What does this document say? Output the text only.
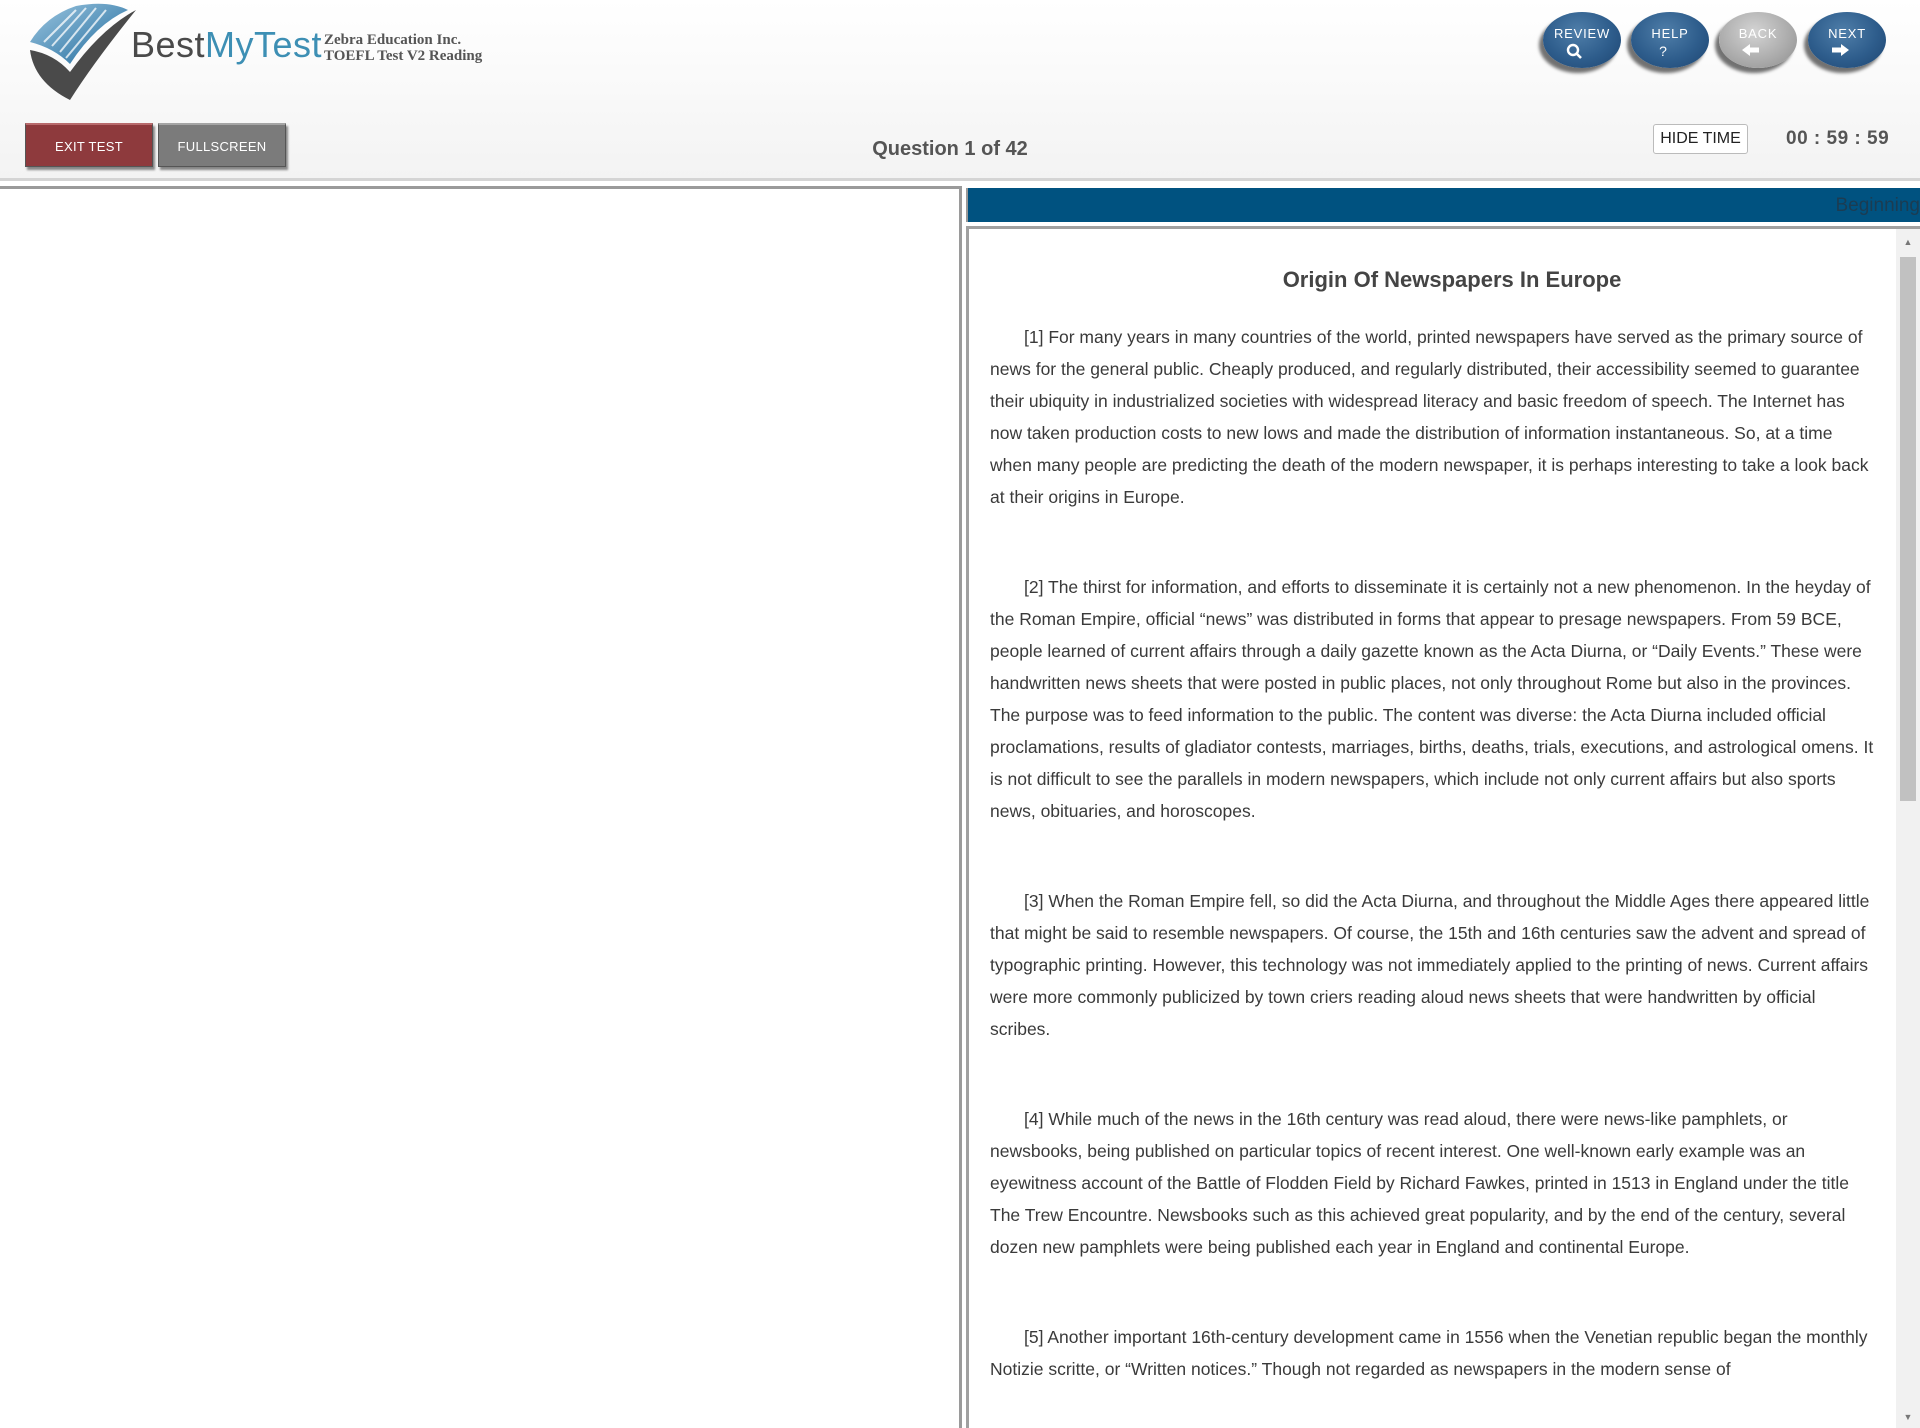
BestMyTest Zebra Education Inc.
TOEFL Test V2 Reading
REVIEW	HELP
?
BACK	NEXT
EXIT TEST	FULLSCREEN	Question 1 of 42	HIDE TIME	00 : 59 : 59
Beginning
Origin Of Newspapers In Europe

[1] For many years in many countries of the world, printed newspapers have served as the primary source of news for the general public. Cheaply produced, and regularly distributed, their accessibility seemed to guarantee their ubiquity in industrialized societies with widespread literacy and basic freedom of speech. The Internet has now taken production costs to new lows and made the distribution of information instantaneous. So, at a time when many people are predicting the death of the modern newspaper, it is perhaps interesting to take a look back at their origins in Europe.

[2] The thirst for information, and efforts to disseminate it is certainly not a new phenomenon. In the heyday of the Roman Empire, official “news” was distributed in forms that appear to presage newspapers. From 59 BCE, people learned of current affairs through a daily gazette known as the Acta Diurna, or “Daily Events.” These were handwritten news sheets that were posted in public places, not only throughout Rome but also in the provinces. The purpose was to feed information to the public. The content was diverse: the Acta Diurna included official proclamations, results of gladiator contests, marriages, births, deaths, trials, executions, and astrological omens. It is not difficult to see the parallels in modern newspapers, which include not only current affairs but also sports news, obituaries, and horoscopes.

[3] When the Roman Empire fell, so did the Acta Diurna, and throughout the Middle Ages there appeared little that might be said to resemble newspapers. Of course, the 15th and 16th centuries saw the advent and spread of typographic printing. However, this technology was not immediately applied to the printing of news. Current affairs were more commonly publicized by town criers reading aloud news sheets that were handwritten by official scribes.

[4] While much of the news in the 16th century was read aloud, there were news-like pamphlets, or newsbooks, being published on particular topics of recent interest. One well-known early example was an eyewitness account of the Battle of Flodden Field by Richard Fawkes, printed in 1513 in England under the title The Trew Encountre. Newsbooks such as this achieved great popularity, and by the end of the century, several dozen new pamphlets were being published each year in England and continental Europe.

[5] Another important 16th-century development came in 1556 when the Venetian republic began the monthly Notizie scritte, or “Written notices.” Though not regarded as newspapers in the modern sense of

▲
▼
